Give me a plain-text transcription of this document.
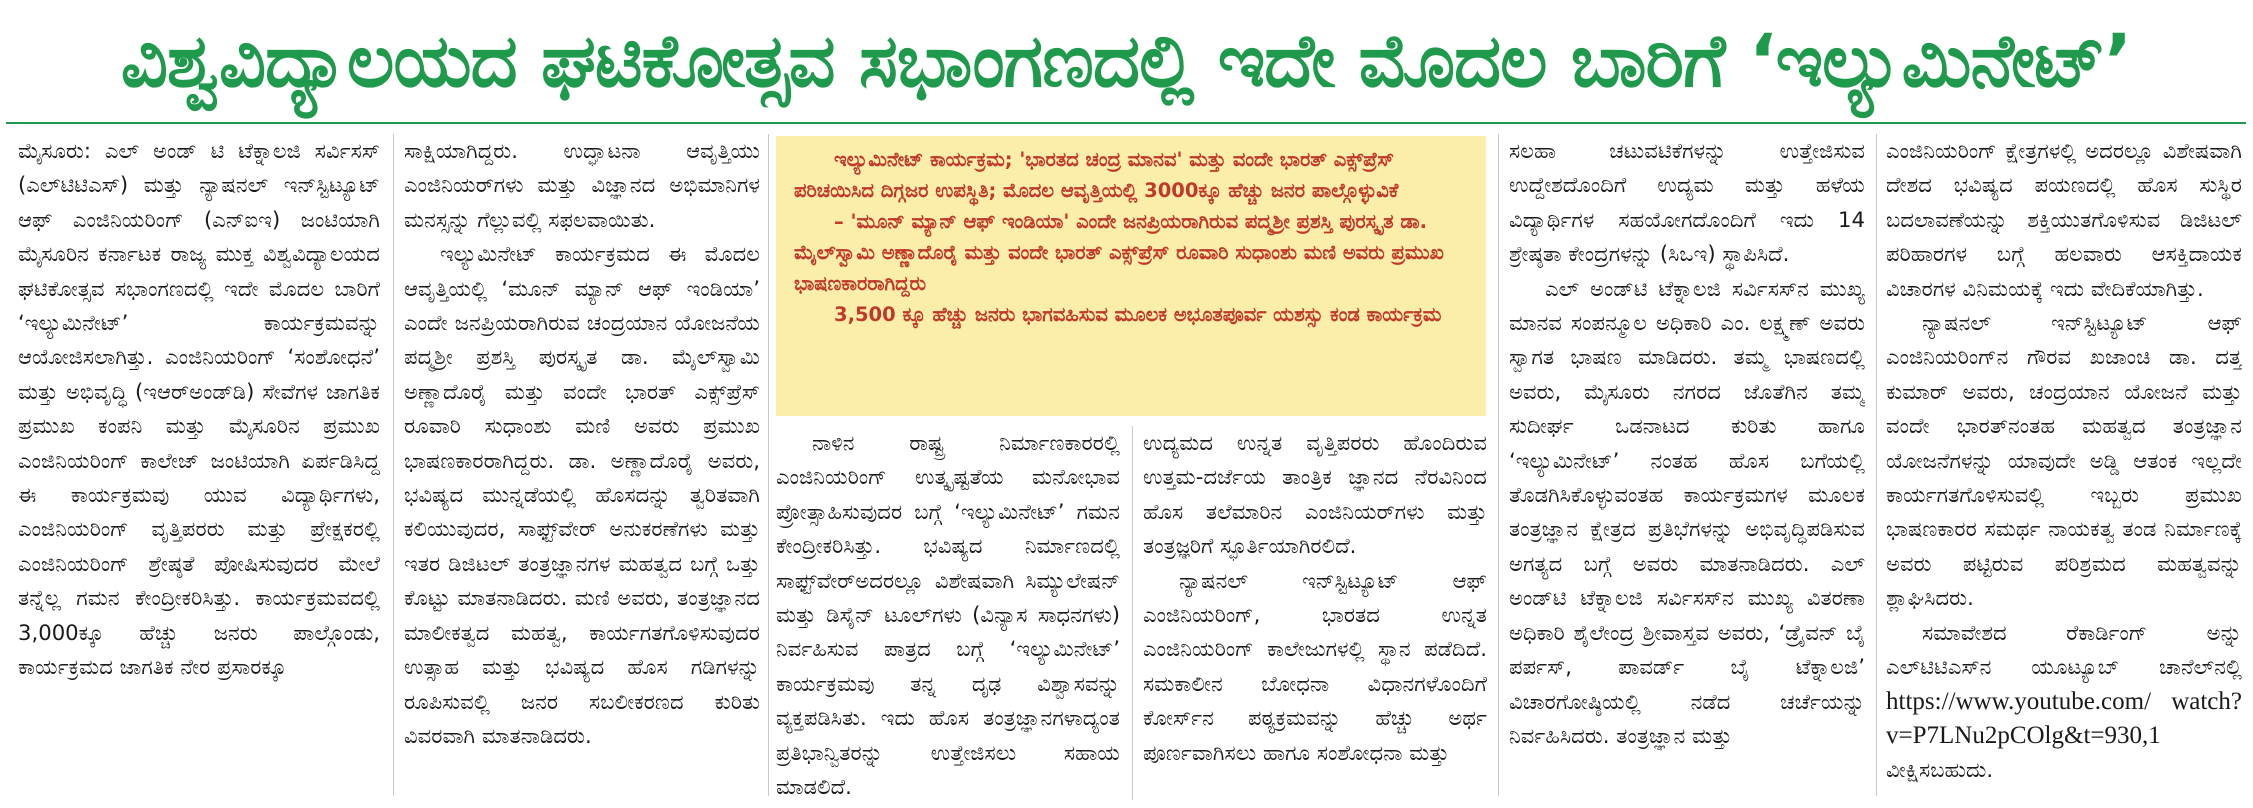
ವಿಶ್ವವಿದ್ಯಾಲಯದ ಘಟಿಕೋತ್ಸವ ಸಭಾಂಗಣದಲ್ಲಿ ಇದೇ ಮೊದಲ ಬಾರಿಗೆ ‘ಇಲ್ಯುಮಿನೇಟ್’

ಮೈಸೂರು: ಎಲ್ ಅಂಡ್ ಟಿ ಟೆಕ್ನಾಲಜಿ ಸರ್ವಿಸಸ್ (ಎಲ್‌ಟಿಟಿಎಸ್) ಮತ್ತು ನ್ಯಾಷನಲ್ ಇನ್‌ಸ್ಟಿಟ್ಯೂಟ್ ಆಫ್ ಎಂಜಿನಿಯರಿಂಗ್ (ಎನ್‌ಐಇ) ಜಂಟಿಯಾಗಿ ಮೈಸೂರಿನ ಕರ್ನಾಟಕ ರಾಜ್ಯ ಮುಕ್ತ ವಿಶ್ವವಿದ್ಯಾಲಯದ ಘಟಿಕೋತ್ಸವ ಸಭಾಂಗಣದಲ್ಲಿ ಇದೇ ಮೊದಲ ಬಾರಿಗೆ ‘ಇಲ್ಯುಮಿನೇಟ್’ ಕಾರ್ಯಕ್ರಮವನ್ನು ಆಯೋಜಿಸಲಾಗಿತ್ತು. ಎಂಜಿನಿಯರಿಂಗ್ ‘ಸಂಶೋಧನೆ’ ಮತ್ತು ಅಭಿವೃದ್ಧಿ (ಇಆರ್‌ಅಂಡ್‌ಡಿ) ಸೇವೆಗಳ ಜಾಗತಿಕ ಪ್ರಮುಖ ಕಂಪನಿ ಮತ್ತು ಮೈಸೂರಿನ ಪ್ರಮುಖ ಎಂಜಿನಿಯರಿಂಗ್ ಕಾಲೇಜ್ ಜಂಟಿಯಾಗಿ ಏರ್ಪಡಿಸಿದ್ದ ಈ ಕಾರ್ಯಕ್ರಮವು ಯುವ ವಿದ್ಯಾರ್ಥಿಗಳು, ಎಂಜಿನಿಯರಿಂಗ್ ವೃತ್ತಿಪರರು ಮತ್ತು ಪ್ರೇಕ್ಷಕರಲ್ಲಿ ಎಂಜಿನಿಯರಿಂಗ್ ಶ್ರೇಷ್ಠತೆ ಪೋಷಿಸುವುದರ ಮೇಲೆ ತನ್ನೆಲ್ಲ ಗಮನ ಕೇಂದ್ರೀಕರಿಸಿತ್ತು. ಕಾರ್ಯಕ್ರಮವದಲ್ಲಿ 3,000ಕ್ಕೂ ಹೆಚ್ಚು ಜನರು ಪಾಲ್ಗೊಂಡು, ಕಾರ್ಯಕ್ರಮದ ಜಾಗತಿಕ ನೇರ ಪ್ರಸಾರಕ್ಕೂ

ಸಾಕ್ಷಿಯಾಗಿದ್ದರು. ಉದ್ಘಾಟನಾ ಆವೃತ್ತಿಯು ಎಂಜಿನಿಯರ್‌ಗಳು ಮತ್ತು ವಿಜ್ಞಾನದ ಅಭಿಮಾನಿಗಳ ಮನಸ್ಸನ್ನು ಗೆಲ್ಲುವಲ್ಲಿ ಸಫಲವಾಯಿತು.

ಇಲ್ಯುಮಿನೇಟ್ ಕಾರ್ಯಕ್ರಮದ ಈ ಮೊದಲ ಆವೃತ್ತಿಯಲ್ಲಿ ‘ಮೂನ್ ಮ್ಯಾನ್ ಆಫ್ ಇಂಡಿಯಾ’ ಎಂದೇ ಜನಪ್ರಿಯರಾಗಿರುವ ಚಂದ್ರಯಾನ ಯೋಜನೆಯ ಪದ್ಮಶ್ರೀ ಪ್ರಶಸ್ತಿ ಪುರಸ್ಕೃತ ಡಾ. ಮೈಲ್‌ಸ್ವಾಮಿ ಅಣ್ಣಾದೊರೈ ಮತ್ತು ವಂದೇ ಭಾರತ್ ಎಕ್ಸ್‌ಪ್ರೆಸ್ ರೂವಾರಿ ಸುಧಾಂಶು ಮಣಿ ಅವರು ಪ್ರಮುಖ ಭಾಷಣಕಾರರಾಗಿದ್ದರು. ಡಾ. ಅಣ್ಣಾದೊರೈ ಅವರು, ಭವಿಷ್ಯದ ಮುನ್ನಡೆಯಲ್ಲಿ ಹೊಸದನ್ನು ತ್ವರಿತವಾಗಿ ಕಲಿಯುವುದರ, ಸಾಫ್ಟ್‌ವೇರ್ ಅನುಕರಣೆಗಳು ಮತ್ತು ಇತರ ಡಿಜಿಟಲ್ ತಂತ್ರಜ್ಞಾನಗಳ ಮಹತ್ವದ ಬಗ್ಗೆ ಒತ್ತು ಕೊಟ್ಟು ಮಾತನಾಡಿದರು. ಮಣಿ ಅವರು, ತಂತ್ರಜ್ಞಾನದ ಮಾಲೀಕತ್ವದ ಮಹತ್ವ, ಕಾರ್ಯಗತಗೊಳಿಸುವುದರ ಉತ್ಸಾಹ ಮತ್ತು ಭವಿಷ್ಯದ ಹೊಸ ಗಡಿಗಳನ್ನು ರೂಪಿಸುವಲ್ಲಿ ಜನರ ಸಬಲೀಕರಣದ ಕುರಿತು ವಿವರವಾಗಿ ಮಾತನಾಡಿದರು.

ಇಲ್ಯುಮಿನೇಟ್ ಕಾರ್ಯಕ್ರಮ; 'ಭಾರತದ ಚಂದ್ರ ಮಾನವ' ಮತ್ತು ವಂದೇ ಭಾರತ್ ಎಕ್ಸ್‌ಪ್ರೆಸ್ ಪರಿಚಯಿಸಿದ ದಿಗ್ಗಜರ ಉಪಸ್ಥಿತಿ; ಮೊದಲ ಆವೃತ್ತಿಯಲ್ಲಿ 3000ಕ್ಕೂ ಹೆಚ್ಚು ಜನರ ಪಾಲ್ಗೊಳ್ಳುವಿಕೆ

– 'ಮೂನ್ ಮ್ಯಾನ್ ಆಫ್ ಇಂಡಿಯಾ' ಎಂದೇ ಜನಪ್ರಿಯರಾಗಿರುವ ಪದ್ಮಶ್ರೀ ಪ್ರಶಸ್ತಿ ಪುರಸ್ಕೃತ ಡಾ. ಮೈಲ್‌ಸ್ವಾಮಿ ಅಣ್ಣಾದೊರೈ ಮತ್ತು ವಂದೇ ಭಾರತ್ ಎಕ್ಸ್‌ಪ್ರೆಸ್ ರೂವಾರಿ ಸುಧಾಂಶು ಮಣಿ ಅವರು ಪ್ರಮುಖ ಭಾಷಣಕಾರರಾಗಿದ್ದರು

3,500 ಕ್ಕೂ ಹೆಚ್ಚು ಜನರು ಭಾಗವಹಿಸುವ ಮೂಲಕ ಅಭೂತಪೂರ್ವ ಯಶಸ್ಸು ಕಂಡ ಕಾರ್ಯಕ್ರಮ

ನಾಳಿನ ರಾಷ್ಟ್ರ ನಿರ್ಮಾಣಕಾರರಲ್ಲಿ ಎಂಜಿನಿಯರಿಂಗ್ ಉತ್ಕೃಷ್ಟತೆಯ ಮನೋಭಾವ ಪ್ರೋತ್ಸಾಹಿಸುವುದರ ಬಗ್ಗೆ ‘ಇಲ್ಯುಮಿನೇಟ್’ ಗಮನ ಕೇಂದ್ರೀಕರಿಸಿತ್ತು. ಭವಿಷ್ಯದ ನಿರ್ಮಾಣದಲ್ಲಿ ಸಾಫ್ಟ್‌ವೇರ್‌ಅದರಲ್ಲೂ ವಿಶೇಷವಾಗಿ ಸಿಮ್ಯುಲೇಷನ್ ಮತ್ತು ಡಿಸೈನ್ ಟೂಲ್‌ಗಳು (ವಿನ್ಯಾಸ ಸಾಧನಗಳು) ನಿರ್ವಹಿಸುವ ಪಾತ್ರದ ಬಗ್ಗೆ ‘ಇಲ್ಯುಮಿನೇಟ್’ ಕಾರ್ಯಕ್ರಮವು ತನ್ನ ದೃಢ ವಿಶ್ವಾಸವನ್ನು ವ್ಯಕ್ತಪಡಿಸಿತು. ಇದು ಹೊಸ ತಂತ್ರಜ್ಞಾನಗಳಾದ್ಯಂತ ಪ್ರತಿಭಾನ್ವಿತರನ್ನು ಉತ್ತೇಜಿಸಲು ಸಹಾಯ ಮಾಡಲಿದೆ.

ಉದ್ಯಮದ ಉನ್ನತ ವೃತ್ತಿಪರರು ಹೊಂದಿರುವ ಉತ್ತಮ-ದರ್ಜೆಯ ತಾಂತ್ರಿಕ ಜ್ಞಾನದ ನೆರವಿನಿಂದ ಹೊಸ ತಲೆಮಾರಿನ ಎಂಜಿನಿಯರ್‌ಗಳು ಮತ್ತು ತಂತ್ರಜ್ಞರಿಗೆ ಸ್ಫೂರ್ತಿಯಾಗಿರಲಿದೆ.

ನ್ಯಾಷನಲ್ ಇನ್‌ಸ್ಟಿಟ್ಯೂಟ್ ಆಫ್ ಎಂಜಿನಿಯರಿಂಗ್, ಭಾರತದ ಉನ್ನತ ಎಂಜಿನಿಯರಿಂಗ್ ಕಾಲೇಜುಗಳಲ್ಲಿ ಸ್ಥಾನ ಪಡೆದಿದೆ. ಸಮಕಾಲೀನ ಬೋಧನಾ ವಿಧಾನಗಳೊಂದಿಗೆ ಕೋರ್ಸ್‌ನ ಪಠ್ಯಕ್ರಮವನ್ನು ಹೆಚ್ಚು ಅರ್ಥ ಪೂರ್ಣವಾಗಿಸಲು ಹಾಗೂ ಸಂಶೋಧನಾ ಮತ್ತು

ಸಲಹಾ ಚಟುವಟಿಕೆಗಳನ್ನು ಉತ್ತೇಜಿಸುವ ಉದ್ದೇಶದೊಂದಿಗೆ ಉದ್ಯಮ ಮತ್ತು ಹಳೆಯ ವಿದ್ಯಾರ್ಥಿಗಳ ಸಹಯೋಗದೊಂದಿಗೆ ಇದು 14 ಶ್ರೇಷ್ಠತಾ ಕೇಂದ್ರಗಳನ್ನು (ಸಿಒಇ) ಸ್ಥಾಪಿಸಿದೆ.

ಎಲ್ ಅಂಡ್‌ಟಿ ಟೆಕ್ನಾಲಜಿ ಸರ್ವಿಸಸ್‌ನ ಮುಖ್ಯ ಮಾನವ ಸಂಪನ್ಮೂಲ ಅಧಿಕಾರಿ ಎಂ. ಲಕ್ಷ್ಮಣ್ ಅವರು ಸ್ವಾಗತ ಭಾಷಣ ಮಾಡಿದರು. ತಮ್ಮ ಭಾಷಣದಲ್ಲಿ ಅವರು, ಮೈಸೂರು ನಗರದ ಜೊತೆಗಿನ ತಮ್ಮ ಸುದೀರ್ಘ ಒಡನಾಟದ ಕುರಿತು ಹಾಗೂ ‘ಇಲ್ಯುಮಿನೇಟ್’ ನಂತಹ ಹೊಸ ಬಗೆಯಲ್ಲಿ ತೊಡಗಿಸಿಕೊಳ್ಳುವಂತಹ ಕಾರ್ಯಕ್ರಮಗಳ ಮೂಲಕ ತಂತ್ರಜ್ಞಾನ ಕ್ಷೇತ್ರದ ಪ್ರತಿಭೆಗಳನ್ನು ಅಭಿವೃದ್ಧಿಪಡಿಸುವ ಅಗತ್ಯದ ಬಗ್ಗೆ ಅವರು ಮಾತನಾಡಿದರು. ಎಲ್ ಅಂಡ್‌ಟಿ ಟೆಕ್ನಾಲಜಿ ಸರ್ವಿಸಸ್‌ನ ಮುಖ್ಯ ವಿತರಣಾ ಅಧಿಕಾರಿ ಶೈಲೇಂದ್ರ ಶ್ರೀವಾಸ್ತವ ಅವರು, ‘ಡ್ರೈವನ್ ಬೈ ಪರ್ಪಸ್, ಪಾವರ್ಡ್ ಬೈ ಟೆಕ್ನಾಲಜಿ’ ವಿಚಾರಗೋಷ್ಠಿಯಲ್ಲಿ ನಡೆದ ಚರ್ಚೆಯನ್ನು ನಿರ್ವಹಿಸಿದರು. ತಂತ್ರಜ್ಞಾನ ಮತ್ತು

ಎಂಜಿನಿಯರಿಂಗ್ ಕ್ಷೇತ್ರಗಳಲ್ಲಿ ಅದರಲ್ಲೂ ವಿಶೇಷವಾಗಿ ದೇಶದ ಭವಿಷ್ಯದ ಪಯಣದಲ್ಲಿ ಹೊಸ ಸುಸ್ಥಿರ ಬದಲಾವಣೆಯನ್ನು ಶಕ್ತಿಯುತಗೊಳಿಸುವ ಡಿಜಿಟಲ್ ಪರಿಹಾರಗಳ ಬಗ್ಗೆ ಹಲವಾರು ಆಸಕ್ತಿದಾಯಕ ವಿಚಾರಗಳ ವಿನಿಮಯಕ್ಕೆ ಇದು ವೇದಿಕೆಯಾಗಿತ್ತು.

ನ್ಯಾಷನಲ್ ಇನ್‌ಸ್ಟಿಟ್ಯೂಟ್ ಆಫ್ ಎಂಜಿನಿಯರಿಂಗ್‌ನ ಗೌರವ ಖಜಾಂಚಿ ಡಾ. ದತ್ತ ಕುಮಾರ್ ಅವರು, ಚಂದ್ರಯಾನ ಯೋಜನೆ ಮತ್ತು ವಂದೇ ಭಾರತ್‌ನಂತಹ ಮಹತ್ವದ ತಂತ್ರಜ್ಞಾನ ಯೋಜನೆಗಳನ್ನು ಯಾವುದೇ ಅಡ್ಡಿ ಆತಂಕ ಇಲ್ಲದೇ ಕಾರ್ಯಗತಗೊಳಿಸುವಲ್ಲಿ ಇಬ್ಬರು ಪ್ರಮುಖ ಭಾಷಣಕಾರರ ಸಮರ್ಥ ನಾಯಕತ್ವ ತಂಡ ನಿರ್ಮಾಣಕ್ಕೆ ಅವರು ಪಟ್ಟಿರುವ ಪರಿಶ್ರಮದ ಮಹತ್ವವನ್ನು ಶ್ಲಾಘಿಸಿದರು.

ಸಮಾವೇಶದ ರೆಕಾರ್ಡಿಂಗ್ ಅನ್ನು ಎಲ್‌ಟಿಟಿಎಸ್‌ನ ಯೂಟ್ಯೂಬ್ ಚಾನೆಲ್‌ನಲ್ಲಿ https://www.youtube.com/ watch?v=P7LNu2pCOlg&t=930,1 ವೀಕ್ಷಿಸಬಹುದು.
